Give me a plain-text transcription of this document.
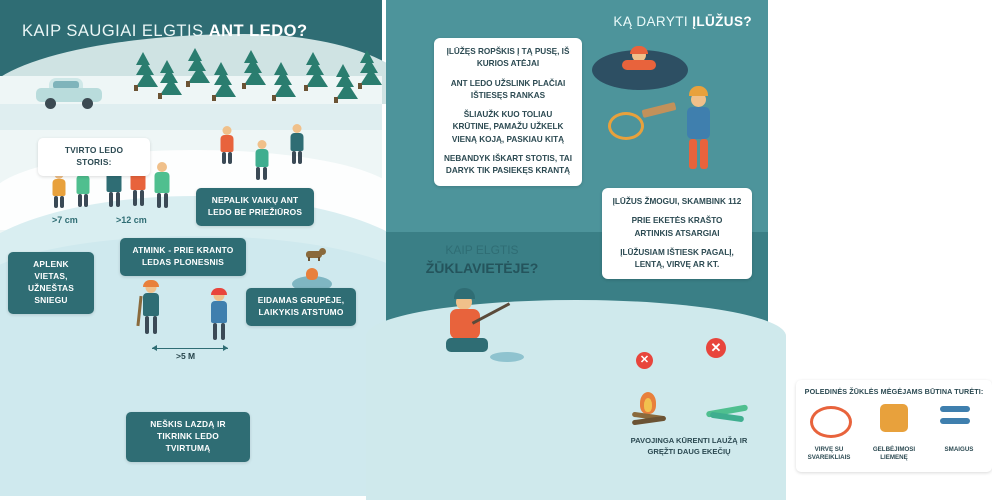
KAIP SAUGIAI ELGTIS ANT LEDO?
>7 cm	>12 cm
>5 M
TVIRTO LEDO STORIS:
NEPALIK VAIKŲ ANT LEDO BE PRIEŽIŪROS
ATMINK - PRIE KRANTO LEDAS PLONESNIS
APLENK VIETAS, UŽNEŠTAS SNIEGU	EIDAMAS GRUPĖJE, LAIKYKIS ATSTUMO
NEŠKIS LAZDĄ IR TIKRINK LEDO TVIRTUMĄ
KĄ DARYTI ĮLŪŽUS?

ĮLŪŽĘS ROPŠKIS Į TĄ PUSĘ, IŠ KURIOS ATĖJAI

ANT LEDO UŽSLINK PLAČIAI IŠTIESĘS RANKAS

ŠLIAUŽK KUO TOLIAU KRŪTINE, PAMAŽU UŽKELK VIENĄ KOJĄ, PASKIAU KITĄ

NEBANDYK IŠKART STOTIS, TAI DARYK TIK PASIEKĘS KRANTĄ

ĮLŪŽUS ŽMOGUI, SKAMBINK 112

PRIE EKETĖS KRAŠTO ARTINKIS ATSARGIAI

ĮLŪŽUSIAM IŠTIESK PAGALĮ, LENTĄ, VIRVĘ AR KT.

KAIP ELGTIS
ŽŪKLAVIETĖJE?
POLEDINĖS ŽŪKLĖS MĖGĖJAMS BŪTINA TURĖTI:
VIRVĘ SU SVAREIKLIAIS
GELBĖJIMOSI LIEMENĘ
SMAIGUS
✕
✕
PAVOJINGA KŪRENTI LAUŽĄ IR GRĘŽTI DAUG EKEČIŲ
